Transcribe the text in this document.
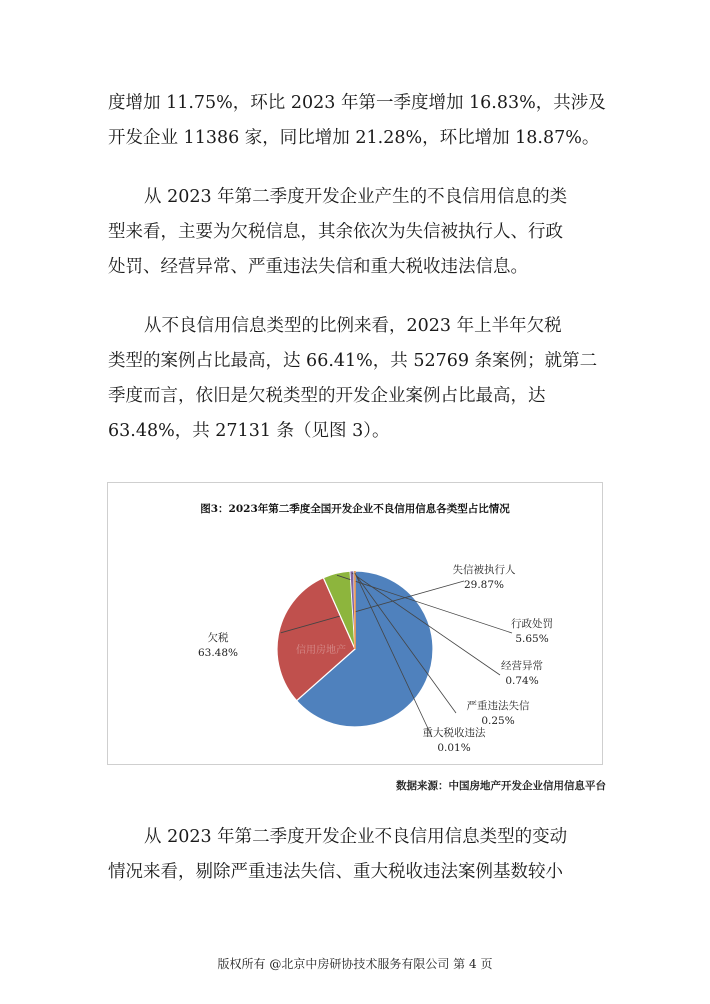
度增加 11.75%，环比 2023 年第一季度增加 16.83%，共涉及
开发企业 11386 家，同比增加 21.28%，环比增加 18.87%。
从 2023 年第二季度开发企业产生的不良信用信息的类
型来看，主要为欠税信息，其余依次为失信被执行人、行政
处罚、经营异常、严重违法失信和重大税收违法信息。
从不良信用信息类型的比例来看，2023 年上半年欠税
类型的案例占比最高，达 66.41%，共 52769 条案例；就第二
季度而言，依旧是欠税类型的开发企业案例占比最高，达
63.48%，共 27131 条（见图 3）。
图3：2023年第二季度全国开发企业不良信用信息各类型占比情况
欠税
63.48%
失信被执行人
29.87%
行政处罚
5.65%
经营异常
0.74%
严重违法失信
0.25%
重大税收违法
0.01%
信用房地产
数据来源：中国房地产开发企业信用信息平台
从 2023 年第二季度开发企业不良信用信息类型的变动
情况来看，剔除严重违法失信、重大税收违法案例基数较小
版权所有 @北京中房研协技术服务有限公司 第 4 页
